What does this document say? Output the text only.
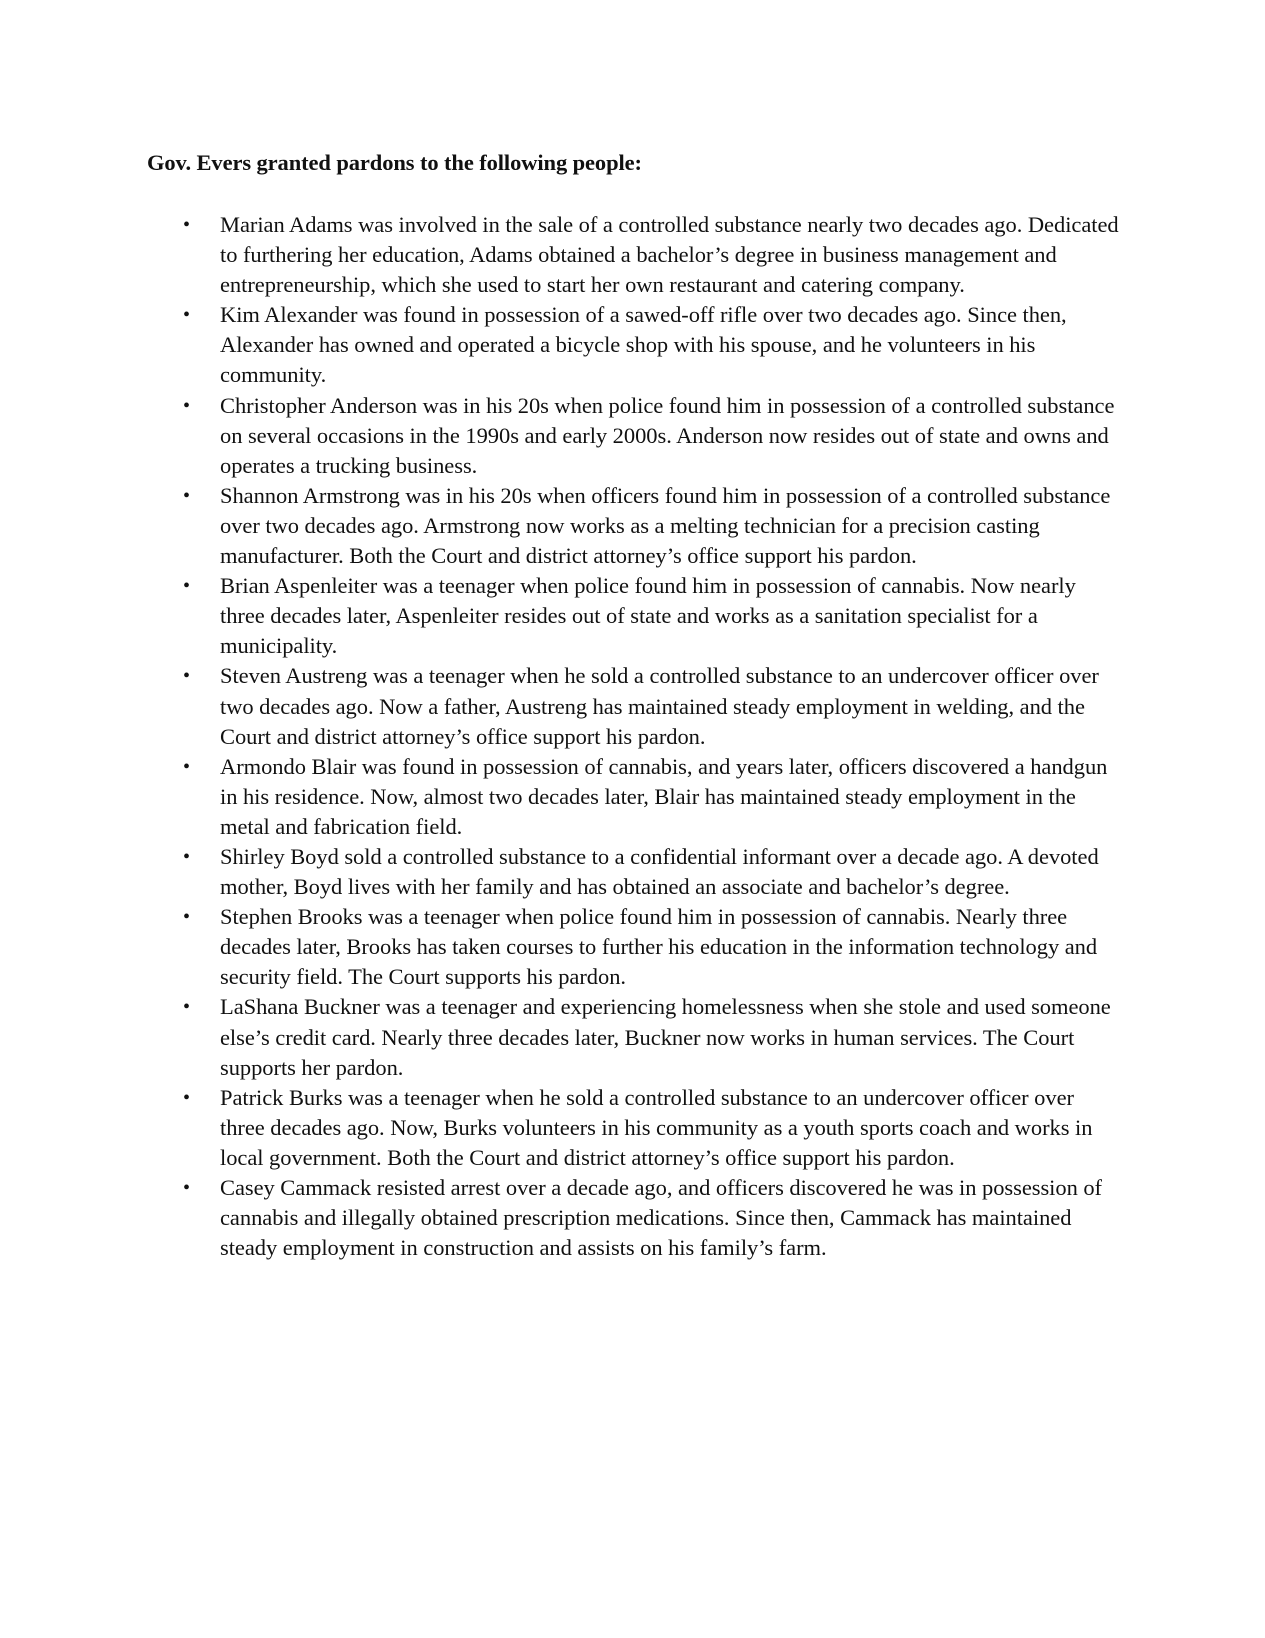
Gov. Evers granted pardons to the following people:
• Marian Adams was involved in the sale of a controlled substance nearly two decades ago. Dedicated to furthering her education, Adams obtained a bachelor’s degree in business management and entrepreneurship, which she used to start her own restaurant and catering company.
• Kim Alexander was found in possession of a sawed-off rifle over two decades ago. Since then, Alexander has owned and operated a bicycle shop with his spouse, and he volunteers in his community.
• Christopher Anderson was in his 20s when police found him in possession of a controlled substance on several occasions in the 1990s and early 2000s. Anderson now resides out of state and owns and operates a trucking business.
• Shannon Armstrong was in his 20s when officers found him in possession of a controlled substance over two decades ago. Armstrong now works as a melting technician for a precision casting manufacturer. Both the Court and district attorney’s office support his pardon.
• Brian Aspenleiter was a teenager when police found him in possession of cannabis. Now nearly three decades later, Aspenleiter resides out of state and works as a sanitation specialist for a municipality.
• Steven Austreng was a teenager when he sold a controlled substance to an undercover officer over two decades ago. Now a father, Austreng has maintained steady employment in welding, and the Court and district attorney’s office support his pardon.
• Armondo Blair was found in possession of cannabis, and years later, officers discovered a handgun in his residence. Now, almost two decades later, Blair has maintained steady employment in the metal and fabrication field.
• Shirley Boyd sold a controlled substance to a confidential informant over a decade ago. A devoted mother, Boyd lives with her family and has obtained an associate and bachelor’s degree.
• Stephen Brooks was a teenager when police found him in possession of cannabis. Nearly three decades later, Brooks has taken courses to further his education in the information technology and security field. The Court supports his pardon.
• LaShana Buckner was a teenager and experiencing homelessness when she stole and used someone else’s credit card. Nearly three decades later, Buckner now works in human services. The Court supports her pardon.
• Patrick Burks was a teenager when he sold a controlled substance to an undercover officer over three decades ago. Now, Burks volunteers in his community as a youth sports coach and works in local government. Both the Court and district attorney’s office support his pardon.
• Casey Cammack resisted arrest over a decade ago, and officers discovered he was in possession of cannabis and illegally obtained prescription medications. Since then, Cammack has maintained steady employment in construction and assists on his family’s farm.
